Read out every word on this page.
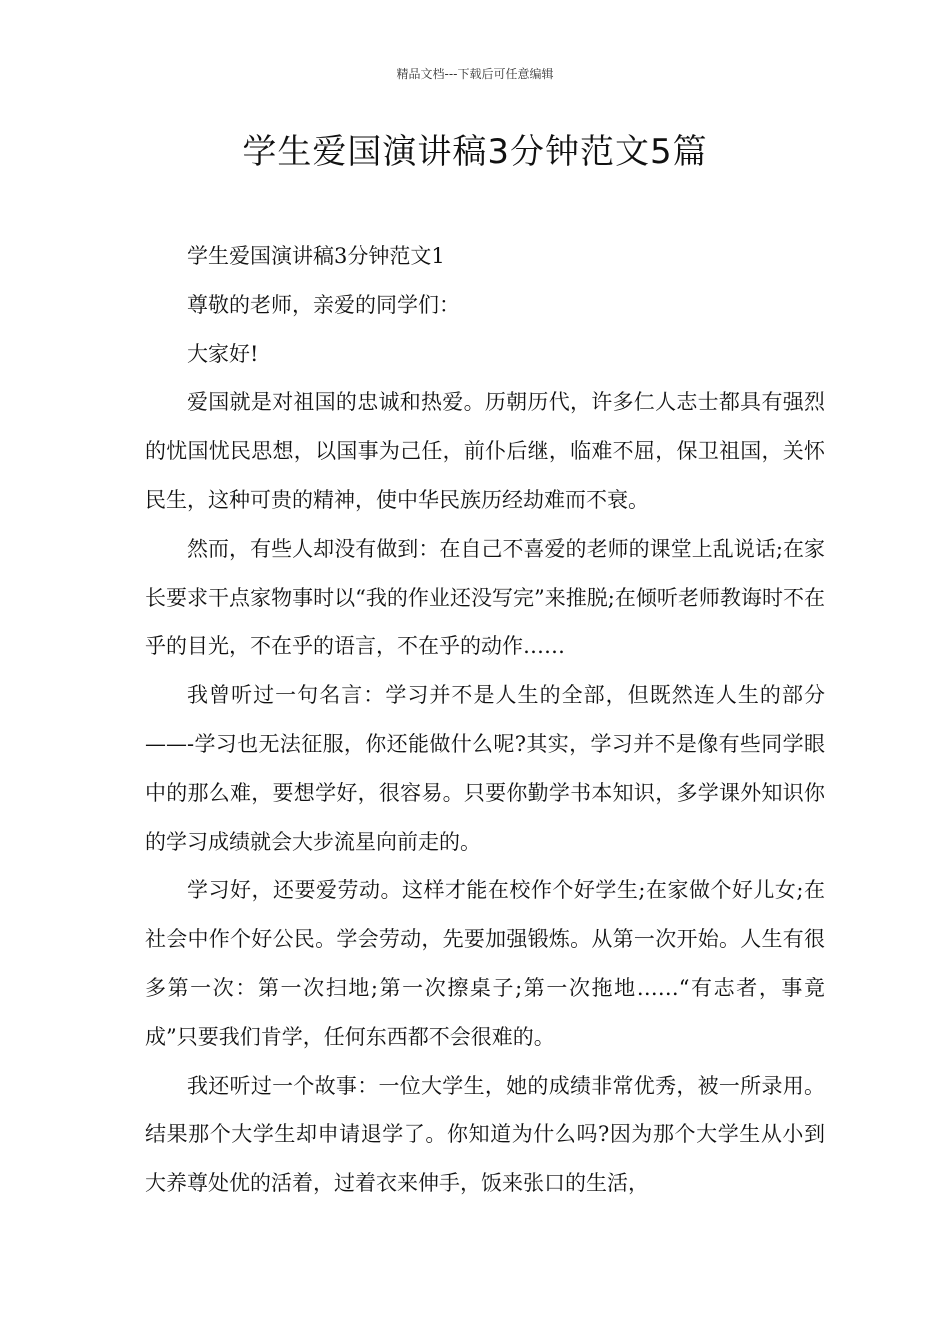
精品文档---下载后可任意编辑
学生爱国演讲稿3分钟范文5篇

学生爱国演讲稿3分钟范文1

尊敬的老师，亲爱的同学们：

大家好!

爱国就是对祖国的忠诚和热爱。历朝历代，许多仁人志士都具有强烈的忧国忧民思想，以国事为己任，前仆后继，临难不屈，保卫祖国，关怀民生，这种可贵的精神，使中华民族历经劫难而不衰。

然而，有些人却没有做到：在自己不喜爱的老师的课堂上乱说话;在家长要求干点家物事时以“我的作业还没写完”来推脱;在倾听老师教诲时不在乎的目光，不在乎的语言，不在乎的动作……

我曾听过一句名言：学习并不是人生的全部，但既然连人生的部分——-学习也无法征服，你还能做什么呢?其实，学习并不是像有些同学眼中的那么难，要想学好，很容易。只要你勤学书本知识，多学课外知识你的学习成绩就会大步流星向前走的。

学习好，还要爱劳动。这样才能在校作个好学生;在家做个好儿女;在社会中作个好公民。学会劳动，先要加强锻炼。从第一次开始。人生有很多第一次：第一次扫地;第一次擦桌子;第一次拖地……“有志者，事竟成”只要我们肯学，任何东西都不会很难的。

我还听过一个故事：一位大学生，她的成绩非常优秀，被一所录用。结果那个大学生却申请退学了。你知道为什么吗?因为那个大学生从小到大养尊处优的活着，过着衣来伸手，饭来张口的生活，
